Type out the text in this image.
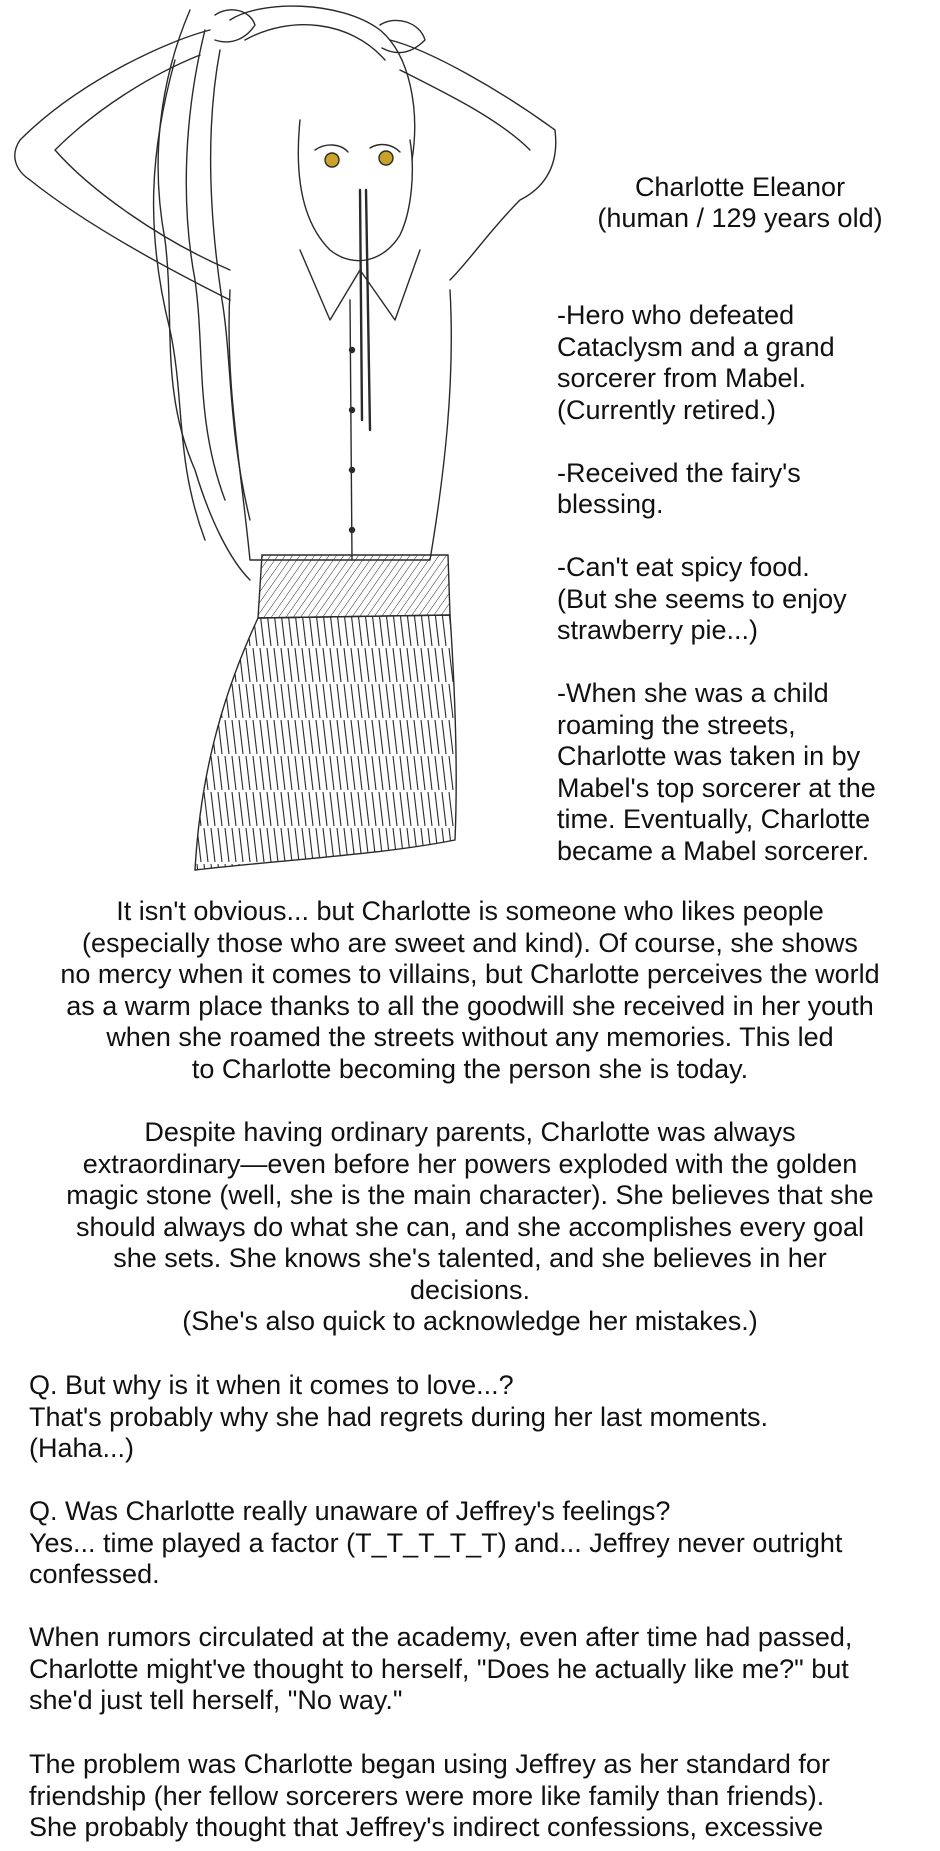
Charlotte Eleanor
(human / 129 years old)

-Hero who defeated
Cataclysm and a grand
sorcerer from Mabel.
(Currently retired.)

-Received the fairy's
blessing.

-Can't eat spicy food.
(But she seems to enjoy
strawberry pie...)

-When she was a child
roaming the streets,
Charlotte was taken in by
Mabel's top sorcerer at the
time. Eventually, Charlotte
became a Mabel sorcerer.

It isn't obvious... but Charlotte is someone who likes people
(especially those who are sweet and kind). Of course, she shows
no mercy when it comes to villains, but Charlotte perceives the world
as a warm place thanks to all the goodwill she received in her youth
when she roamed the streets without any memories. This led
to Charlotte becoming the person she is today.
Despite having ordinary parents, Charlotte was always
extraordinary—even before her powers exploded with the golden
magic stone (well, she is the main character). She believes that she
should always do what she can, and she accomplishes every goal
she sets. She knows she's talented, and she believes in her
decisions.
(She's also quick to acknowledge her mistakes.)
Q. But why is it when it comes to love...?
That's probably why she had regrets during her last moments.
(Haha...)
Q. Was Charlotte really unaware of Jeffrey's feelings?
Yes... time played a factor (T_T_T_T_T) and... Jeffrey never outright
confessed.
When rumors circulated at the academy, even after time had passed,
Charlotte might've thought to herself, "Does he actually like me?" but
she'd just tell herself, "No way."
The problem was Charlotte began using Jeffrey as her standard for
friendship (her fellow sorcerers were more like family than friends).
She probably thought that Jeffrey's indirect confessions, excessive
